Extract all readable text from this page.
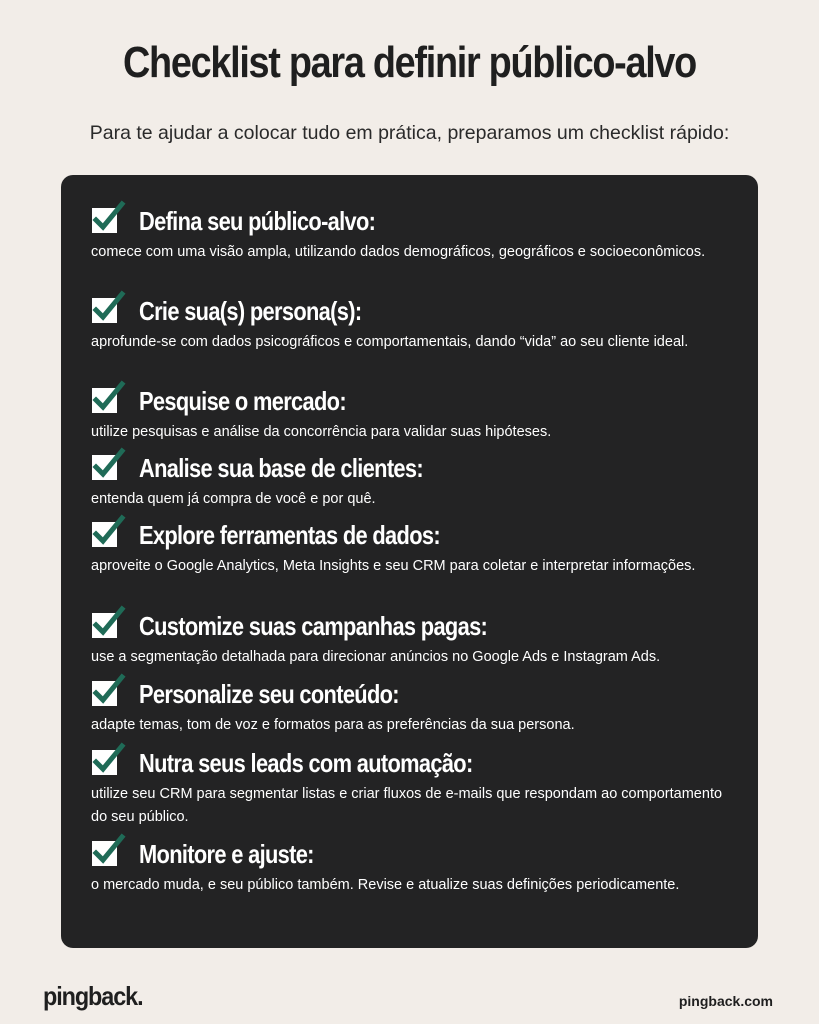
Checklist para definir público-alvo
Para te ajudar a colocar tudo em prática, preparamos um checklist rápido:
Defina seu público-alvo:
comece com uma visão ampla, utilizando dados demográficos, geográficos e socioeconômicos.
Crie sua(s) persona(s):
aprofunde-se com dados psicográficos e comportamentais, dando “vida” ao seu cliente ideal.
Pesquise o mercado:
utilize pesquisas e análise da concorrência para validar suas hipóteses.
Analise sua base de clientes:
entenda quem já compra de você e por quê.
Explore ferramentas de dados:
aproveite o Google Analytics, Meta Insights e seu CRM para coletar e interpretar informações.
Customize suas campanhas pagas:
use a segmentação detalhada para direcionar anúncios no Google Ads e Instagram Ads.
Personalize seu conteúdo:
adapte temas, tom de voz e formatos para as preferências da sua persona.
Nutra seus leads com automação:
utilize seu CRM para segmentar listas e criar fluxos de e-mails que respondam ao comportamento do seu público.
Monitore e ajuste:
o mercado muda, e seu público também. Revise e atualize suas definições periodicamente.
pingback.	pingback.com
